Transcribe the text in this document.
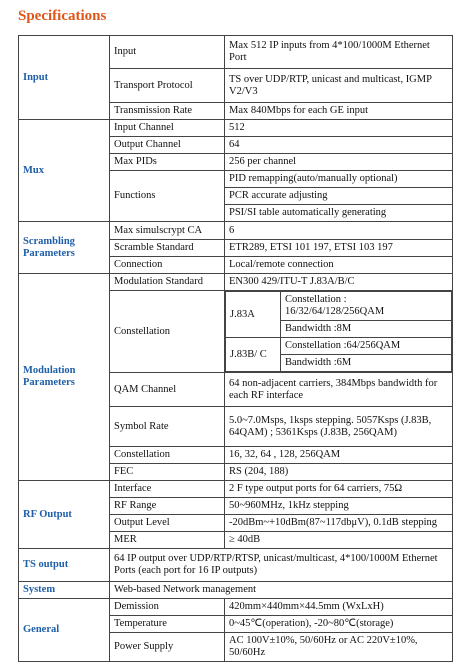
Specifications
Input	Input	Max 512 IP inputs from 4*100/1000M Ethernet Port
Transport Protocol	TS over UDP/RTP, unicast and multicast, IGMP V2/V3
Transmission Rate	Max 840Mbps for each GE input
Mux	Input Channel	512
Output Channel	64
Max PIDs	256 per channel
Functions	PID remapping(auto/manually optional)
PCR accurate adjusting
PSI/SI table automatically generating
Scrambling Parameters	Max simulscrypt CA	6
Scramble Standard	ETR289, ETSI 101 197, ETSI 103 197
Connection	Local/remote connection
Modulation Parameters	Modulation Standard	EN300 429/ITU-T J.83A/B/C
Constellation	
J.83A	Constellation : 16/32/64/128/256QAM
Bandwidth :8M
J.83B/ C	Constellation :64/256QAM
Bandwidth :6M

QAM Channel	64 non-adjacent carriers, 384Mbps bandwidth for each RF interface
Symbol Rate	5.0~7.0Msps, 1ksps stepping. 5057Ksps (J.83B, 64QAM) ; 5361Ksps (J.83B, 256QAM)
Constellation	16, 32, 64 , 128, 256QAM
FEC	RS (204, 188)
RF Output	Interface	2 F type output ports for 64 carriers, 75Ω
RF Range	50~960MHz, 1kHz stepping
Output Level	-20dBm~+10dBm(87~117dbμV), 0.1dB stepping
MER	≥ 40dB
TS output	64 IP output over UDP/RTP/RTSP, unicast/multicast, 4*100/1000M Ethernet Ports (each port for 16 IP outputs)
System	Web-based Network management
General	Demission	420mm×440mm×44.5mm (WxLxH)
Temperature	0~45℃(operation), -20~80℃(storage)
Power Supply	AC 100V±10%, 50/60Hz or AC 220V±10%, 50/60Hz
